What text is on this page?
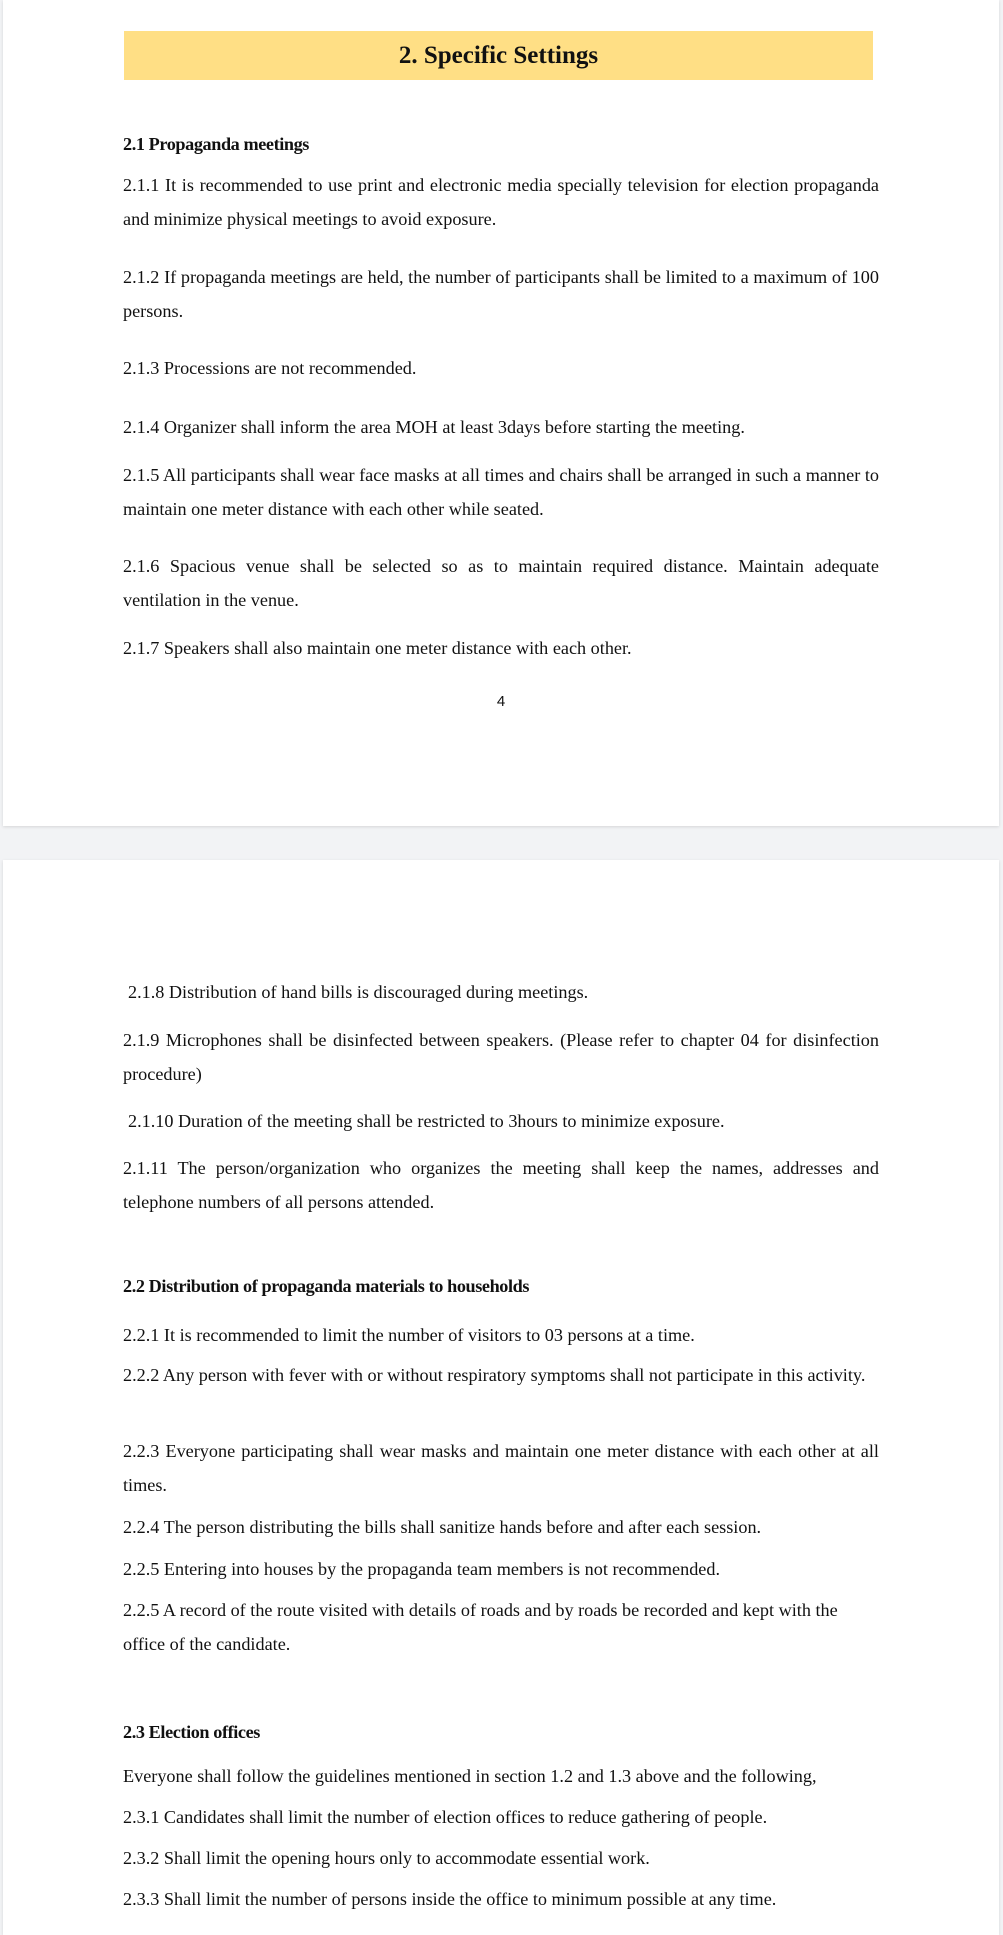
2. Specific Settings

2.1 Propaganda meetings

2.1.1 It is recommended to use print and electronic media specially television for election propaganda and minimize physical meetings to avoid exposure.

2.1.2 If propaganda meetings are held, the number of participants shall be limited to a maximum of 100 persons.

2.1.3 Processions are not recommended.

2.1.4 Organizer shall inform the area MOH at least 3days before starting the meeting.

2.1.5 All participants shall wear face masks at all times and chairs shall be arranged in such a manner to maintain one meter distance with each other while seated.

2.1.6 Spacious venue shall be selected so as to maintain required distance. Maintain adequate ventilation in the venue.

2.1.7 Speakers shall also maintain one meter distance with each other.

4

2.1.8 Distribution of hand bills is discouraged during meetings.

2.1.9 Microphones shall be disinfected between speakers. (Please refer to chapter 04 for disinfection procedure)

2.1.10 Duration of the meeting shall be restricted to 3hours to minimize exposure.

2.1.11 The person/organization who organizes the meeting shall keep the names, addresses and telephone numbers of all persons attended.

2.2 Distribution of propaganda materials to households

2.2.1 It is recommended to limit the number of visitors to 03 persons at a time.

2.2.2 Any person with fever with or without respiratory symptoms shall not participate in this activity.

2.2.3 Everyone participating shall wear masks and maintain one meter distance with each other at all times.

2.2.4 The person distributing the bills shall sanitize hands before and after each session.

2.2.5 Entering into houses by the propaganda team members is not recommended.

2.2.5 A record of the route visited with details of roads and by roads be recorded and kept with the office of the candidate.

2.3 Election offices

Everyone shall follow the guidelines mentioned in section 1.2 and 1.3 above and the following,

2.3.1 Candidates shall limit the number of election offices to reduce gathering of people.

2.3.2 Shall limit the opening hours only to accommodate essential work.

2.3.3 Shall limit the number of persons inside the office to minimum possible at any time.
